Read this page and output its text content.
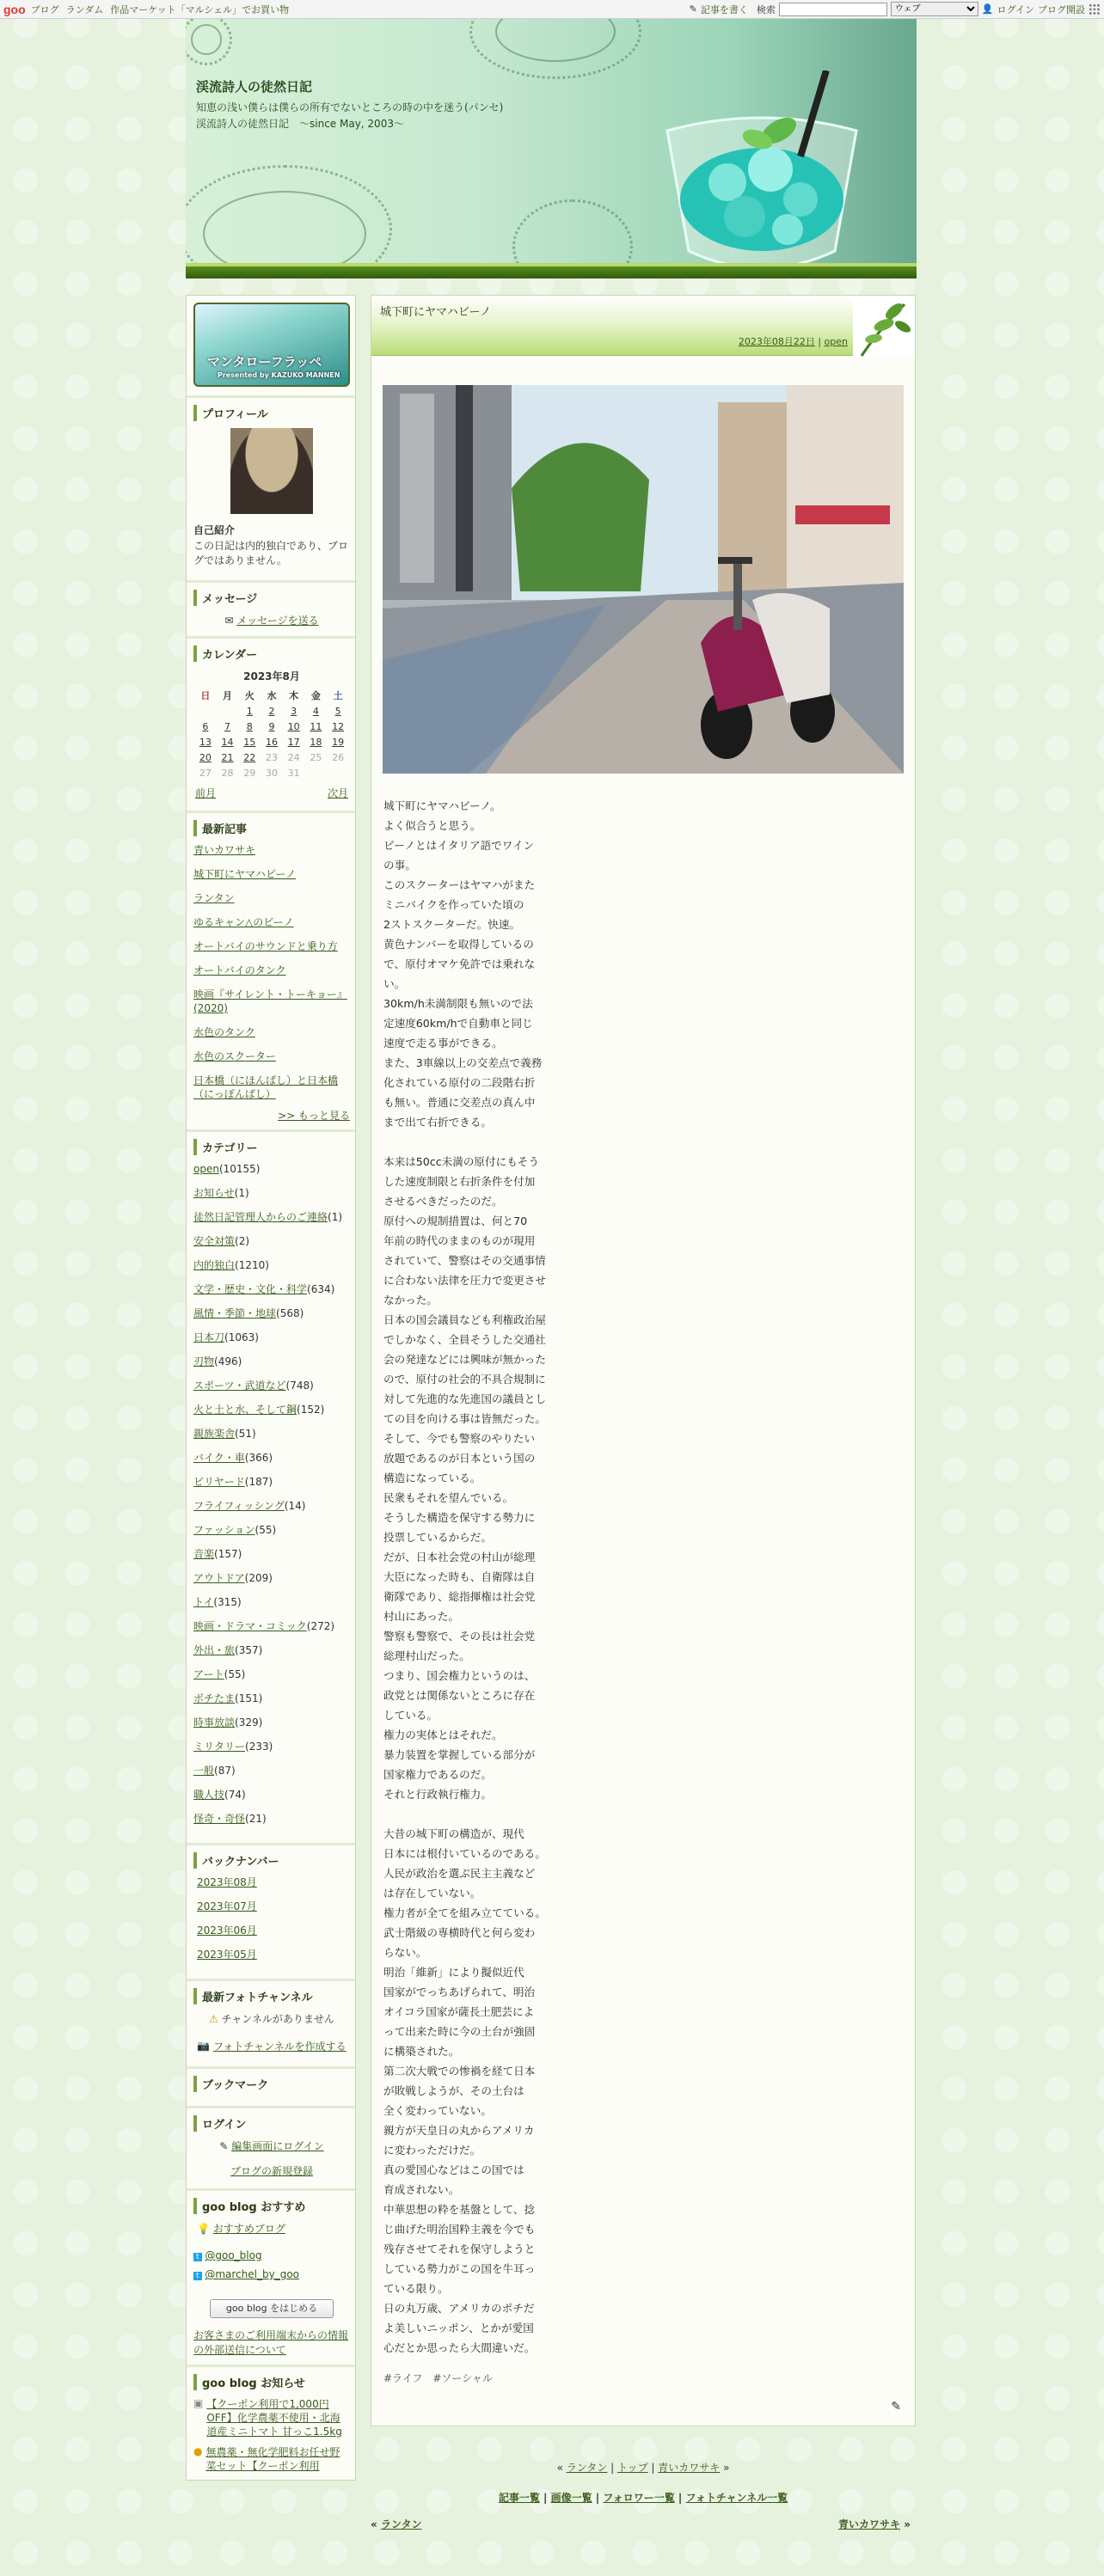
goo ブログ ランダム 作品マーケット「マルシェル」でお買い物	✎ 記事を書く 検索
ウェブ	👤 ログイン ブログ開設
渓流詩人の徒然日記
知恵の浅い僕らは僕らの所有でないところの時の中を迷う(パンセ)　渓流詩人の徒然日記　～since May, 2003～
マンタローフラッペ
Presented by KAZUKO MANNEN
プロフィール
自己紹介
この日記は内的独白であり、ブログではありません。
メッセージ
✉ メッセージを送る
カレンダー
2023年8月
日	月	火	水	木	金	土
		1	2	3	4	5
6	7	8	9	10	11	12
13	14	15	16	17	18	19
20	21	22	23	24	25	26
27	28	29	30	31		
前月	次月
最新記事
青いカワサキ
城下町にヤマハビーノ
ランタン
ゆるキャン△のビーノ
オートバイのサウンドと乗り方
オートバイのタンク
映画『サイレント・トーキョー』(2020)
水色のタンク
水色のスクーター
日本橋（にほんばし）と日本橋（にっぽんばし）
>> もっと見る
カテゴリー
open(10155)
お知らせ(1)
徒然日記管理人からのご連絡(1)
安全対策(2)
内的独白(1210)
文学・歴史・文化・科学(634)
風情・季節・地球(568)
日本刀(1063)
刃物(496)
スポーツ・武道など(748)
火と土と水、そして鋼(152)
親族楽舎(51)
バイク・車(366)
ビリヤード(187)
フライフィッシング(14)
ファッション(55)
音楽(157)
アウトドア(209)
トイ(315)
映画・ドラマ・コミック(272)
外出・旅(357)
アート(55)
ボチたま(151)
時事放談(329)
ミリタリー(233)
一般(87)
職人技(74)
怪奇・奇怪(21)
バックナンバー
2023年08月
2023年07月
2023年06月
2023年05月
最新フォトチャンネル
⚠ チャンネルがありません
📷 フォトチャンネルを作成する
ブックマーク
ログイン
✎ 編集画面にログイン
ブログの新規登録
goo blog おすすめ
💡 おすすめブログ
t @goo_blog
t @marchel_by_goo
goo blog をはじめる
お客さまのご利用端末からの情報の外部送信について
goo blog お知らせ
▣ 【クーポン利用で1,000円OFF】化学農薬不使用・北海道産ミニトマト 甘っこ1.5kg
● 無農薬・無化学肥料お任せ野菜セット【クーポン利用
城下町にヤマハビーノ
2023年08月22日 | open
城下町にヤマハビーノ。
よく似合うと思う。
ビーノとはイタリア語でワイン
の事。
このスクーターはヤマハがまた
ミニバイクを作っていた頃の
2ストスクーターだ。快速。
黄色ナンバーを取得しているの
で、原付オマケ免許では乗れな
い。
30km/h未満制限も無いので法
定速度60km/hで自動車と同じ
速度で走る事ができる。
また、3車線以上の交差点で義務
化されている原付の二段階右折
も無い。普通に交差点の真ん中
まで出て右折できる。

本来は50cc未満の原付にもそう
した速度制限と右折条件を付加
させるべきだったのだ。
原付への規制措置は、何と70
年前の時代のままのものが現用
されていて、警察はその交通事情
に合わない法律を圧力で変更させ
なかった。
日本の国会議員なども利権政治屋
でしかなく、全員そうした交通社
会の発達などには興味が無かった
ので、原付の社会的不具合規制に
対して先進的な先進国の議員とし
ての目を向ける事は皆無だった。
そして、今でも警察のやりたい
放題であるのが日本という国の
構造になっている。
民衆もそれを望んでいる。
そうした構造を保守する勢力に
投票しているからだ。
だが、日本社会党の村山が総理
大臣になった時も、自衛隊は自
衛隊であり、総指揮権は社会党
村山にあった。
警察も警察で、その長は社会党
総理村山だった。
つまり、国会権力というのは、
政党とは関係ないところに存在
している。
権力の実体とはそれだ。
暴力装置を掌握している部分が
国家権力であるのだ。
それと行政執行権力。

大昔の城下町の構造が、現代
日本には根付いているのである。
人民が政治を選ぶ民主主義など
は存在していない。
権力者が全てを組み立てている。
武士階級の専横時代と何ら変わ
らない。
明治「維新」により擬似近代
国家がでっちあげられて、明治
オイコラ国家が薩長土肥芸によ
って出来た時に今の土台が強固
に構築された。
第二次大戦での惨禍を経て日本
が敗戦しようが、その土台は
全く変わっていない。
親方が天皇日の丸からアメリカ
に変わっただけだ。
真の愛国心などはこの国では
育成されない。
中華思想の粋を基盤として、捻
じ曲げた明治国粋主義を今でも
残存させてそれを保守しようと
している勢力がこの国を牛耳っ
ている限り。
日の丸万歳、アメリカのポチだ
よ美しいニッポン、とかが愛国
心だとか思ったら大間違いだ。
#ライフ　#ソーシャル
✎
« ランタン | トップ | 青いカワサキ »
記事一覧 | 画像一覧 | フォロワー一覧 | フォトチャンネル一覧
« ランタン	青いカワサキ »
